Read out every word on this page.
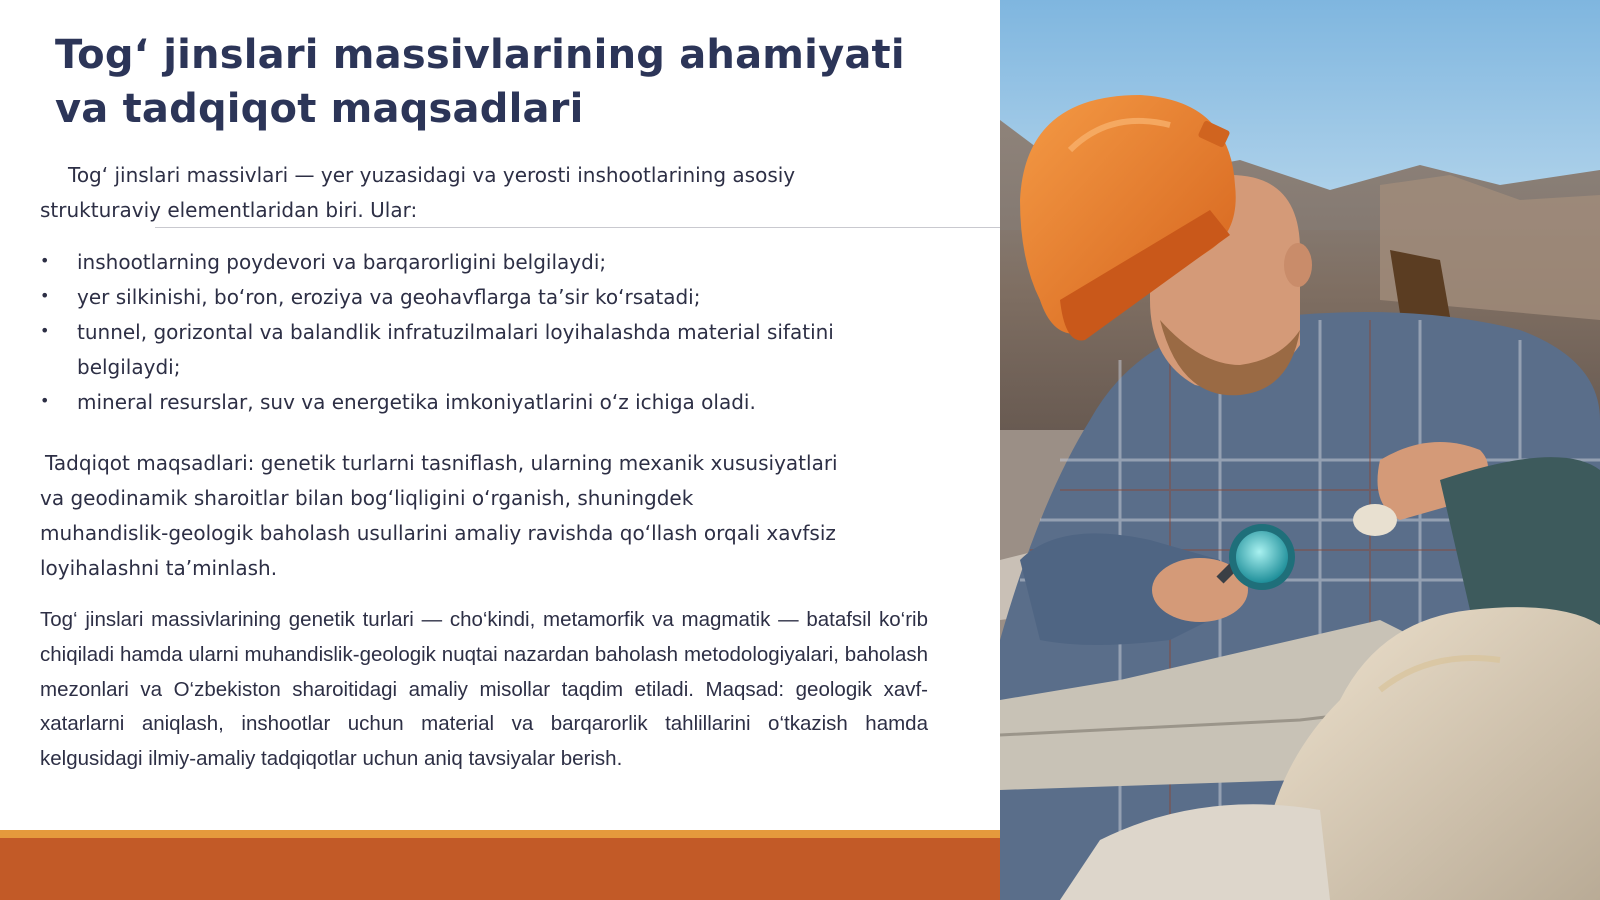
Tog‘ jinslari massivlarining ahamiyati
va tadqiqot maqsadlari

Tog‘ jinslari massivlari — yer yuzasidagi va yerosti inshootlarining asosiy
strukturaviy elementlaridan biri. Ular:

• inshootlarning poydevori va barqarorligini belgilaydi;
• yer silkinishi, bo‘ron, eroziya va geohavflarga ta’sir ko‘rsatadi;
• tunnel, gorizontal va balandlik infratuzilmalari loyihalashda material sifatini belgilaydi;
• mineral resurslar, suv va energetika imkoniyatlarini o‘z ichiga oladi.

Tadqiqot maqsadlari: genetik turlarni tasniflash, ularning mexanik xususiyatlari
va geodinamik sharoitlar bilan bog‘liqligini o‘rganish, shuningdek
muhandislik-geologik baholash usullarini amaliy ravishda qo‘llash orqali xavfsiz
loyihalashni ta’minlash.

Tog‘ jinslari massivlarining genetik turlari — cho‘kindi, metamorfik va magmatik — batafsil ko‘rib chiqiladi hamda ularni muhandislik-geologik nuqtai nazardan baholash metodologiyalari, baholash mezonlari va O‘zbekiston sharoitidagi amaliy misollar taqdim etiladi. Maqsad: geologik xavf-xatarlarni aniqlash, inshootlar uchun material va barqarorlik tahlillarini o‘tkazish hamda kelgusidagi ilmiy-amaliy tadqiqotlar uchun aniq tavsiyalar berish.
